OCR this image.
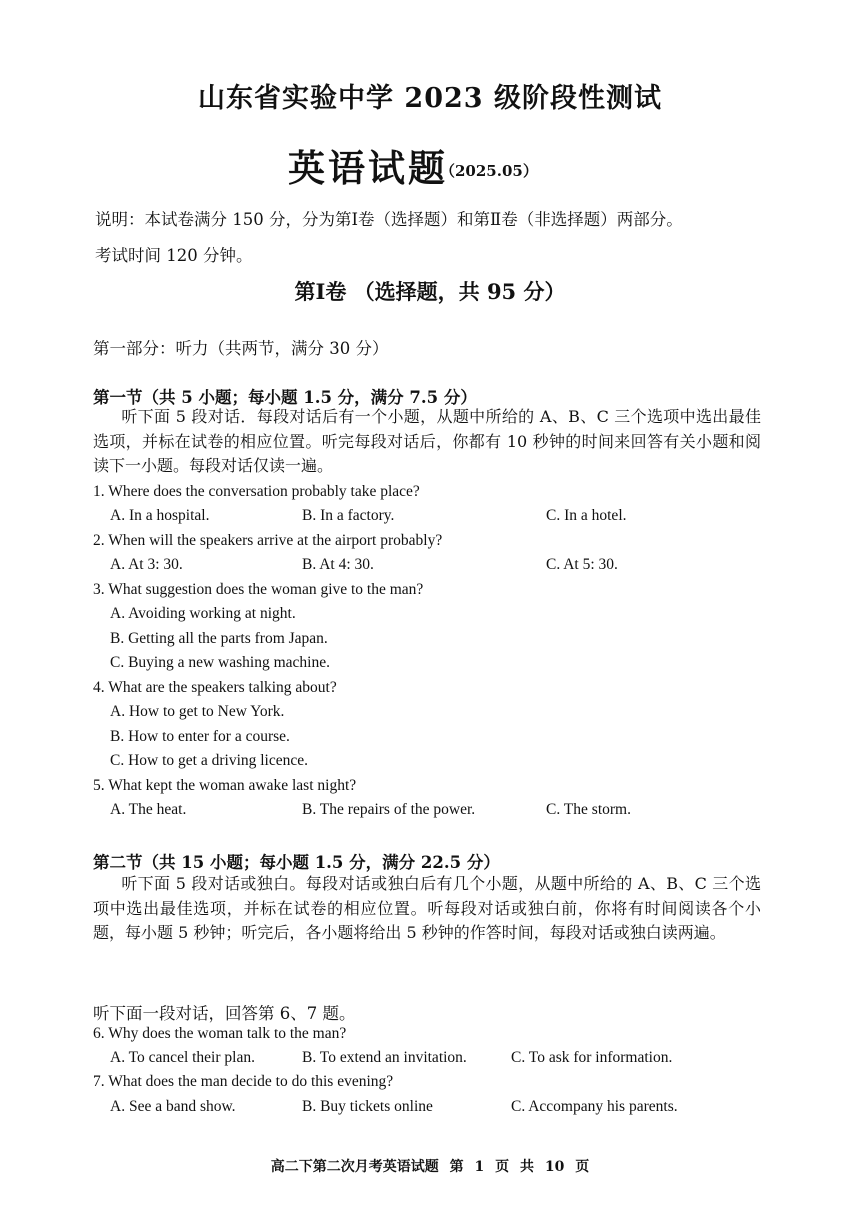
山东省实验中学 2023 级阶段性测试
英语试题
（2025.05）
说明：本试卷满分 150 分，分为第Ⅰ卷（选择题）和第Ⅱ卷（非选择题）两部分。
考试时间 120 分钟。
第Ⅰ卷 （选择题，共 95 分）
第一部分：听力（共两节，满分 30 分）
第一节（共 5 小题；每小题 1.5 分，满分 7.5 分）
听下面 5 段对话．每段对话后有一个小题，从题中所给的 A、B、C 三个选项中选出最佳选项，并标在试卷的相应位置。听完每段对话后，你都有 10 秒钟的时间来回答有关小题和阅读下一小题。每段对话仅读一遍。
1. Where does the conversation probably take place?
A. In a hospital.	B. In a factory.	C. In a hotel.
2. When will the speakers arrive at the airport probably?
A. At 3: 30.	B. At 4: 30.	C. At 5: 30.
3. What suggestion does the woman give to the man?
A. Avoiding working at night.
B. Getting all the parts from Japan.
C. Buying a new washing machine.
4. What are the speakers talking about?
A. How to get to New York.
B. How to enter for a course.
C. How to get a driving licence.
5. What kept the woman awake last night?
A. The heat.	B. The repairs of the power.	C. The storm.
第二节（共 15 小题；每小题 1.5 分，满分 22.5 分）
听下面 5 段对话或独白。每段对话或独白后有几个小题，从题中所给的 A、B、C 三个选项中选出最佳选项，并标在试卷的相应位置。听每段对话或独白前，你将有时间阅读各个小题，每小题 5 秒钟；听完后，各小题将给出 5 秒钟的作答时间，每段对话或独白读两遍。
听下面一段对话，回答第 6、7 题。
6. Why does the woman talk to the man?
A. To cancel their plan.	B. To extend an invitation.	C. To ask for information.
7. What does the man decide to do this evening?
A. See a band show.	B. Buy tickets online	C. Accompany his parents.
高二下第二次月考英语试题 第 1 页 共 10 页
